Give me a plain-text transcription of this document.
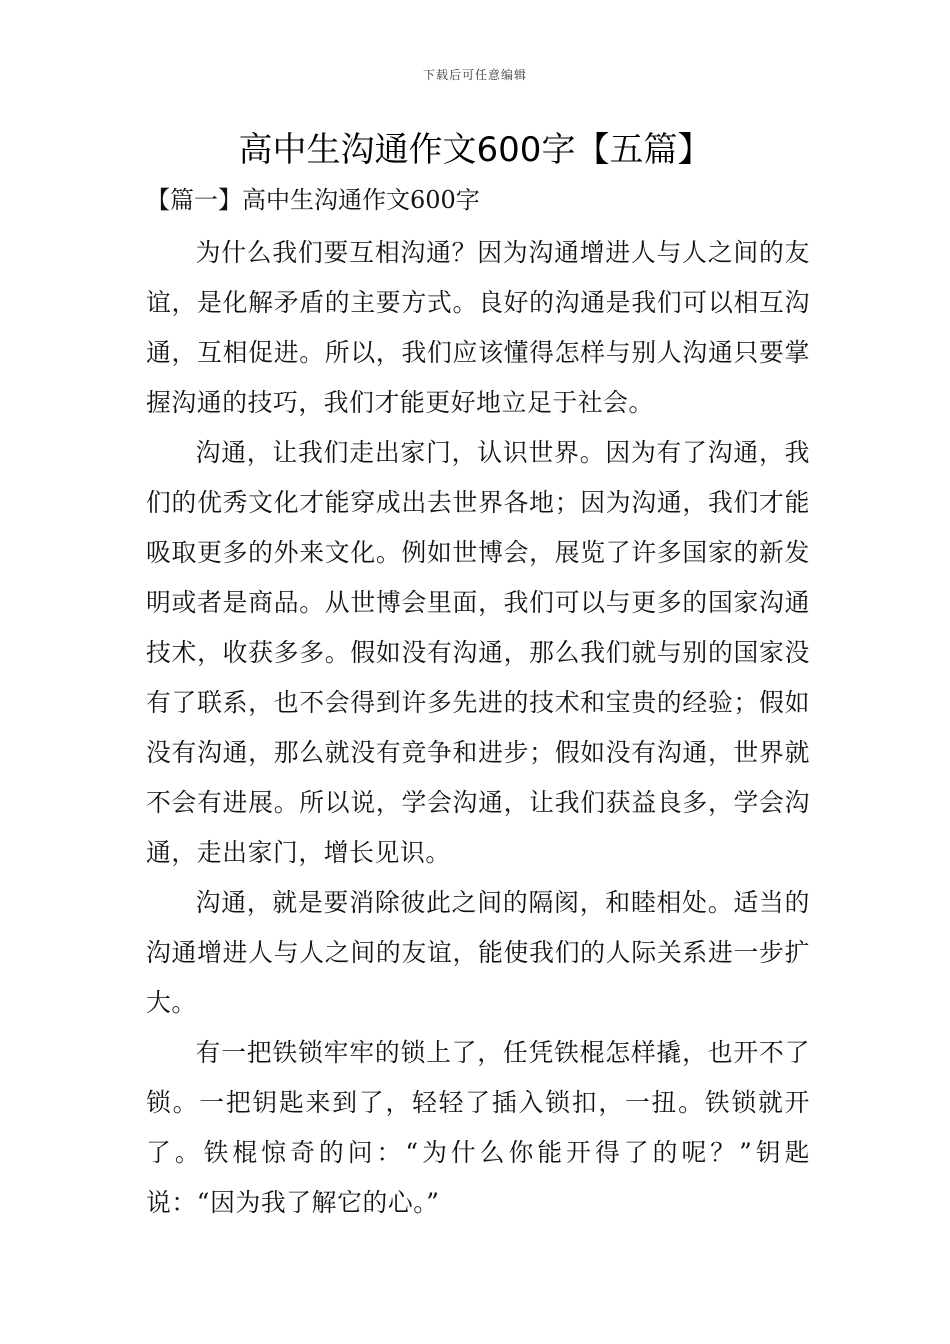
下载后可任意编辑
高中生沟通作文600字【五篇】
【篇一】高中生沟通作文600字

为什么我们要互相沟通？因为沟通增进人与人之间的友谊，是化解矛盾的主要方式。良好的沟通是我们可以相互沟通，互相促进。所以，我们应该懂得怎样与别人沟通只要掌握沟通的技巧，我们才能更好地立足于社会。

沟通，让我们走出家门，认识世界。因为有了沟通，我们的优秀文化才能穿成出去世界各地；因为沟通，我们才能吸取更多的外来文化。例如世博会，展览了许多国家的新发明或者是商品。从世博会里面，我们可以与更多的国家沟通技术，收获多多。假如没有沟通，那么我们就与别的国家没有了联系，也不会得到许多先进的技术和宝贵的经验；假如没有沟通，那么就没有竞争和进步；假如没有沟通，世界就不会有进展。所以说，学会沟通，让我们获益良多，学会沟通，走出家门，增长见识。

沟通，就是要消除彼此之间的隔阂，和睦相处。适当的沟通增进人与人之间的友谊，能使我们的人际关系进一步扩大。

有一把铁锁牢牢的锁上了，任凭铁棍怎样撬，也开不了锁。一把钥匙来到了，轻轻了插入锁扣，一扭。铁锁就开了。铁棍惊奇的问：“为什么你能开得了的呢？”钥匙说：“因为我了解它的心。”
